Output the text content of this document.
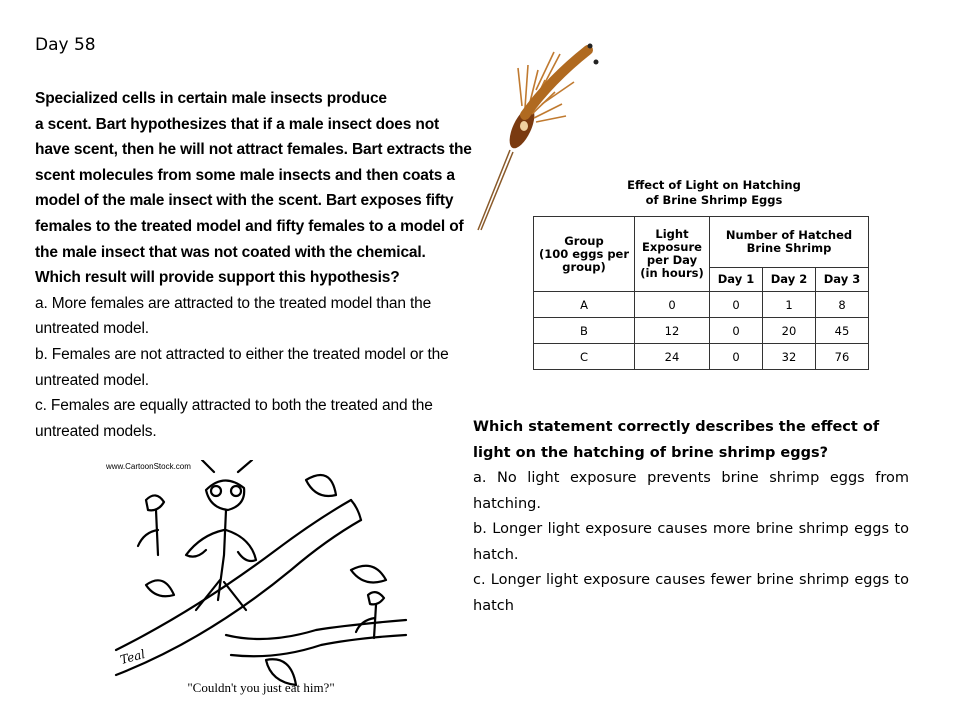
Day 58
Specialized cells in certain male insects produce
a scent. Bart hypothesizes that if a male insect does not have scent, then he will not attract females. Bart extracts the scent molecules from some male insects and then coats a model of the male insect with the scent. Bart exposes fifty females to the treated model and fifty females to a model of the male insect that was not coated with the chemical. Which result will provide support this hypothesis?
a. More females are attracted to the treated model than the untreated model.
b. Females are not attracted to either the treated model or the untreated model.
c. Females are equally attracted to both the treated and the untreated models.
Effect of Light on Hatching
of Brine Shrimp Eggs
Group
(100 eggs per
group)	Light
Exposure
per Day
(in hours)	Number of Hatched
Brine Shrimp		
		Day 1	Day 2	Day 3
A	0	0	1	8
B	12	0	20	45
C	24	0	32	76
Which statement correctly describes the effect of light on the hatching of brine shrimp eggs?
a. No light exposure prevents brine shrimp eggs from hatching.
b. Longer light exposure causes more brine shrimp eggs to hatch.
c. Longer light exposure causes fewer brine shrimp eggs to hatch
www.CartoonStock.com
Teal
"Couldn't you just eat him?"
